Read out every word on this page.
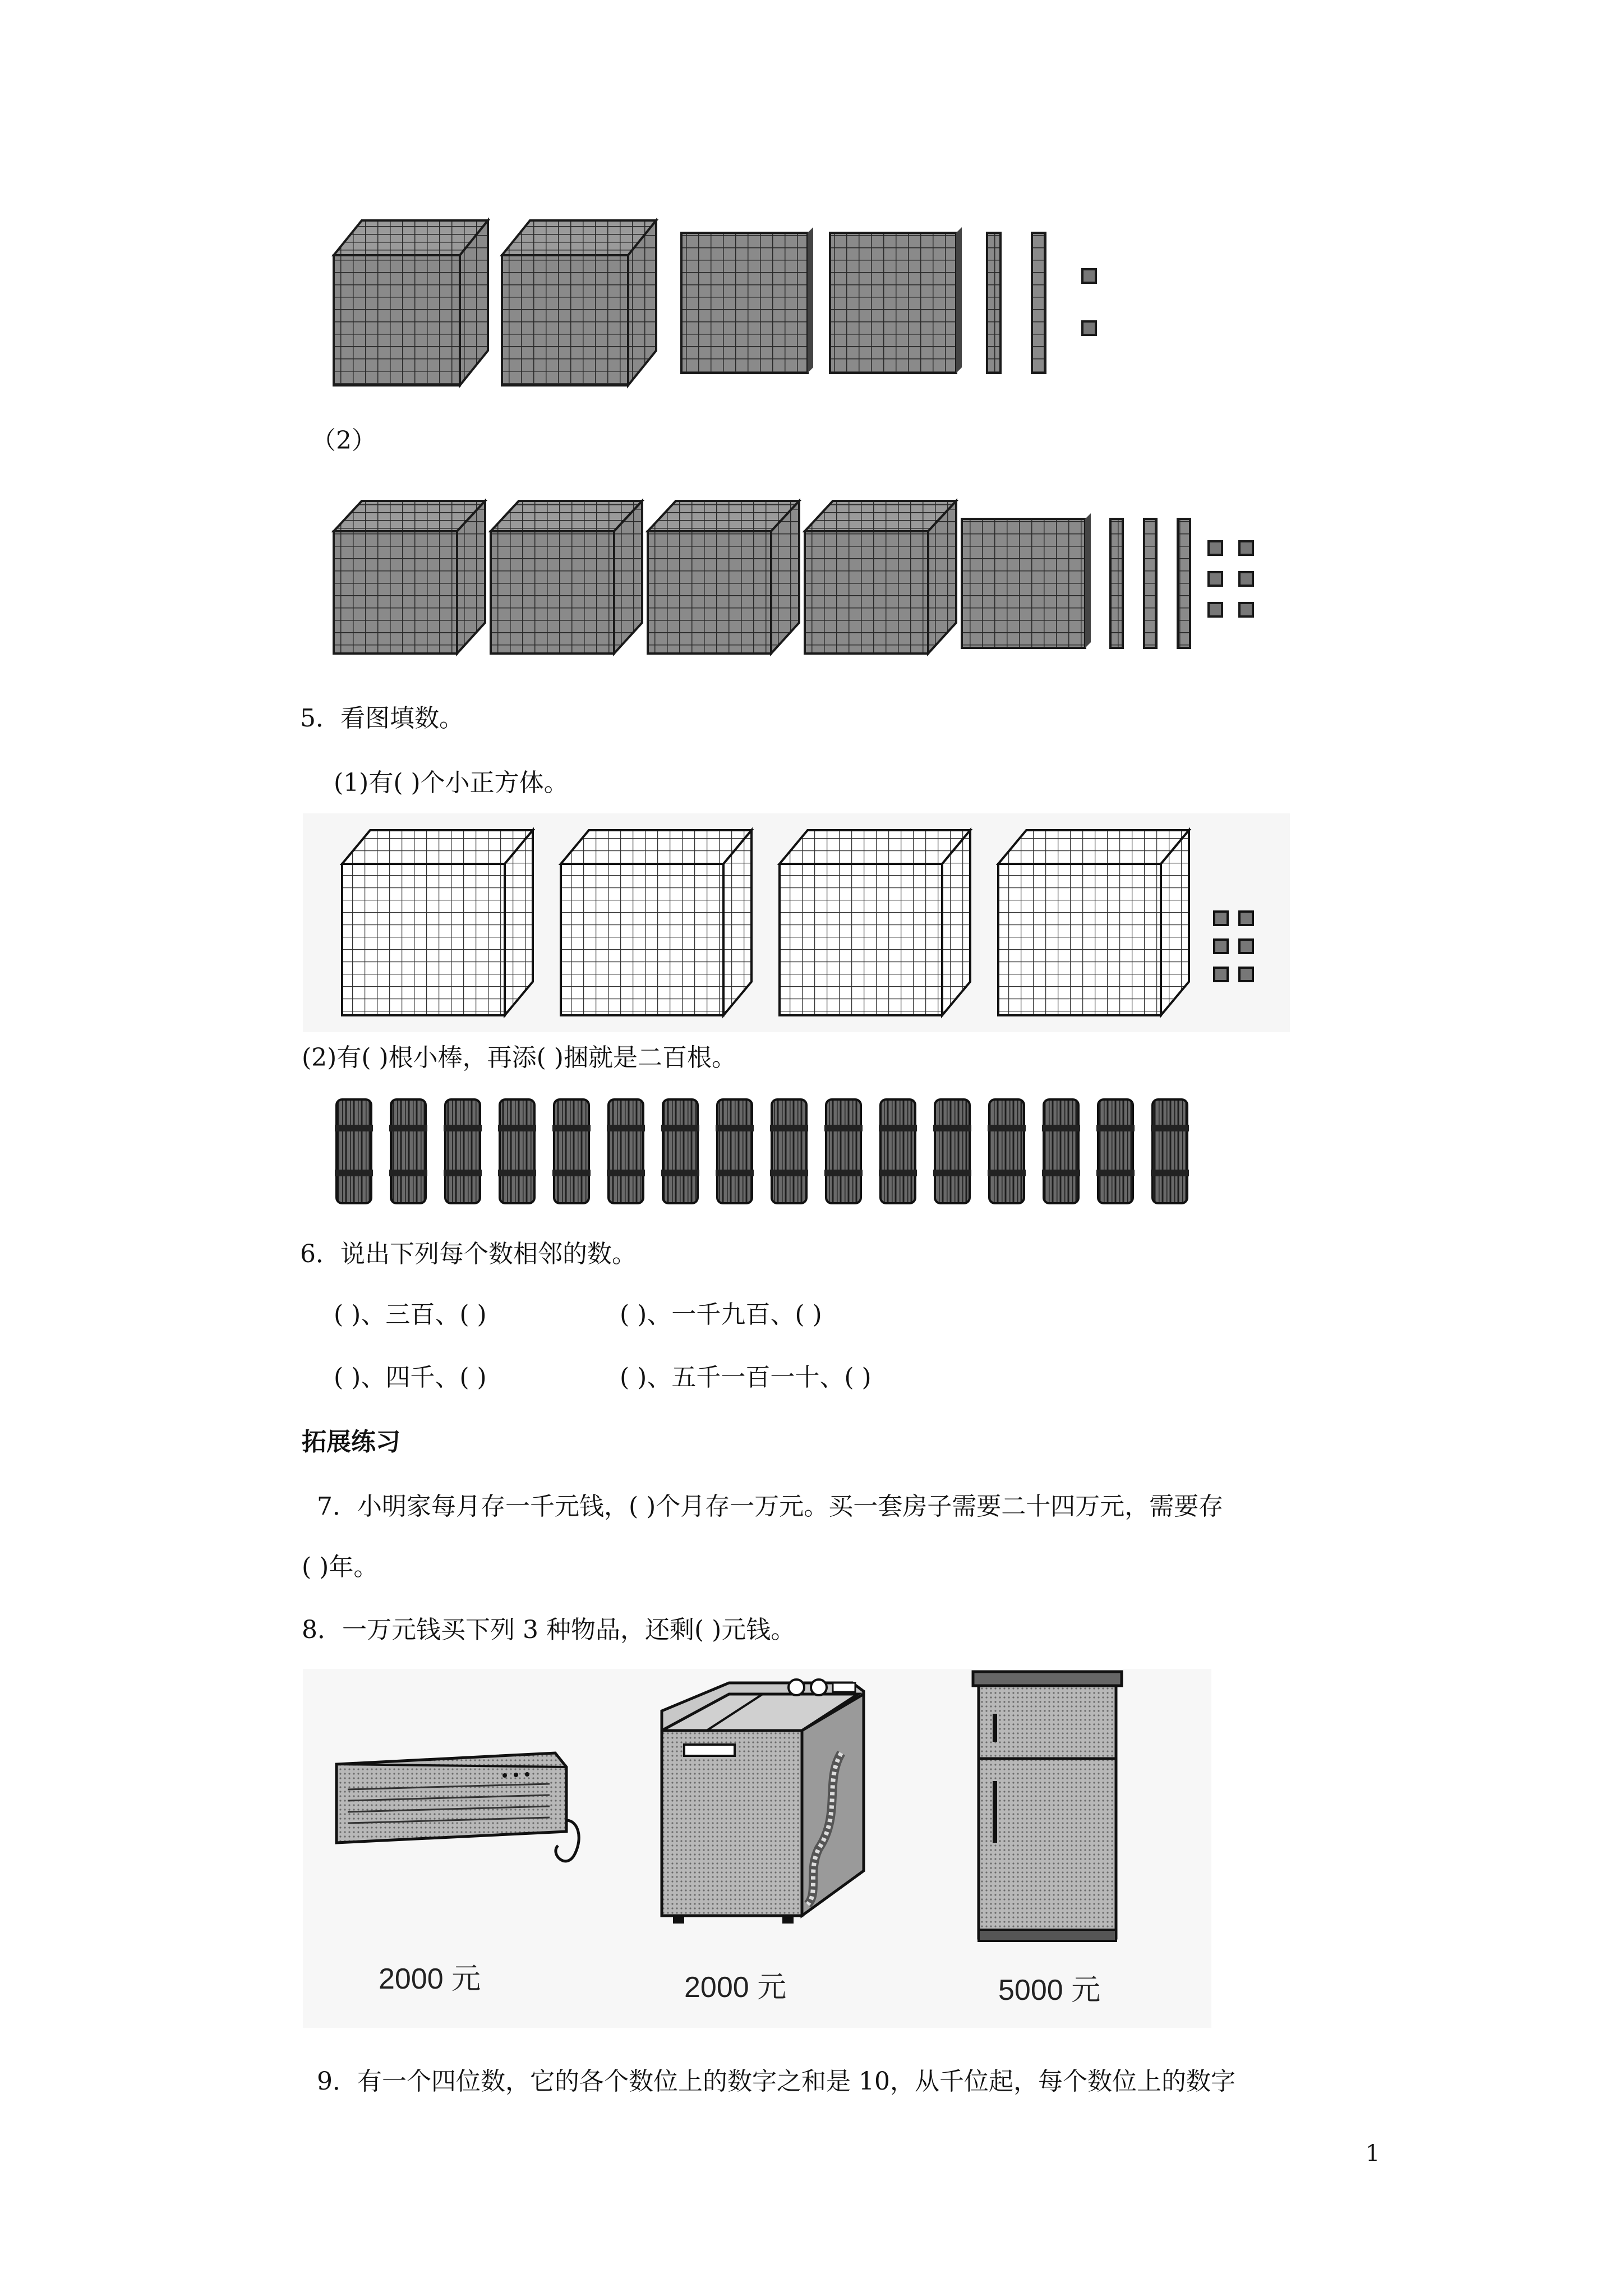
（2）
5．看图填数。
(1)有( )个小正方体。
(2)有( )根小棒，再添( )捆就是二百根。
6．说出下列每个数相邻的数。
( )、三百、( )	( )、一千九百、( )
( )、四千、( )	( )、五千一百一十、( )
拓展练习
7．小明家每月存一千元钱，( )个月存一万元。买一套房子需要二十四万元，需要存
( )年。
8．一万元钱买下列 3 种物品，还剩( )元钱。
2000 元	2000 元	5000 元
9．有一个四位数，它的各个数位上的数字之和是 10，从千位起，每个数位上的数字
1
